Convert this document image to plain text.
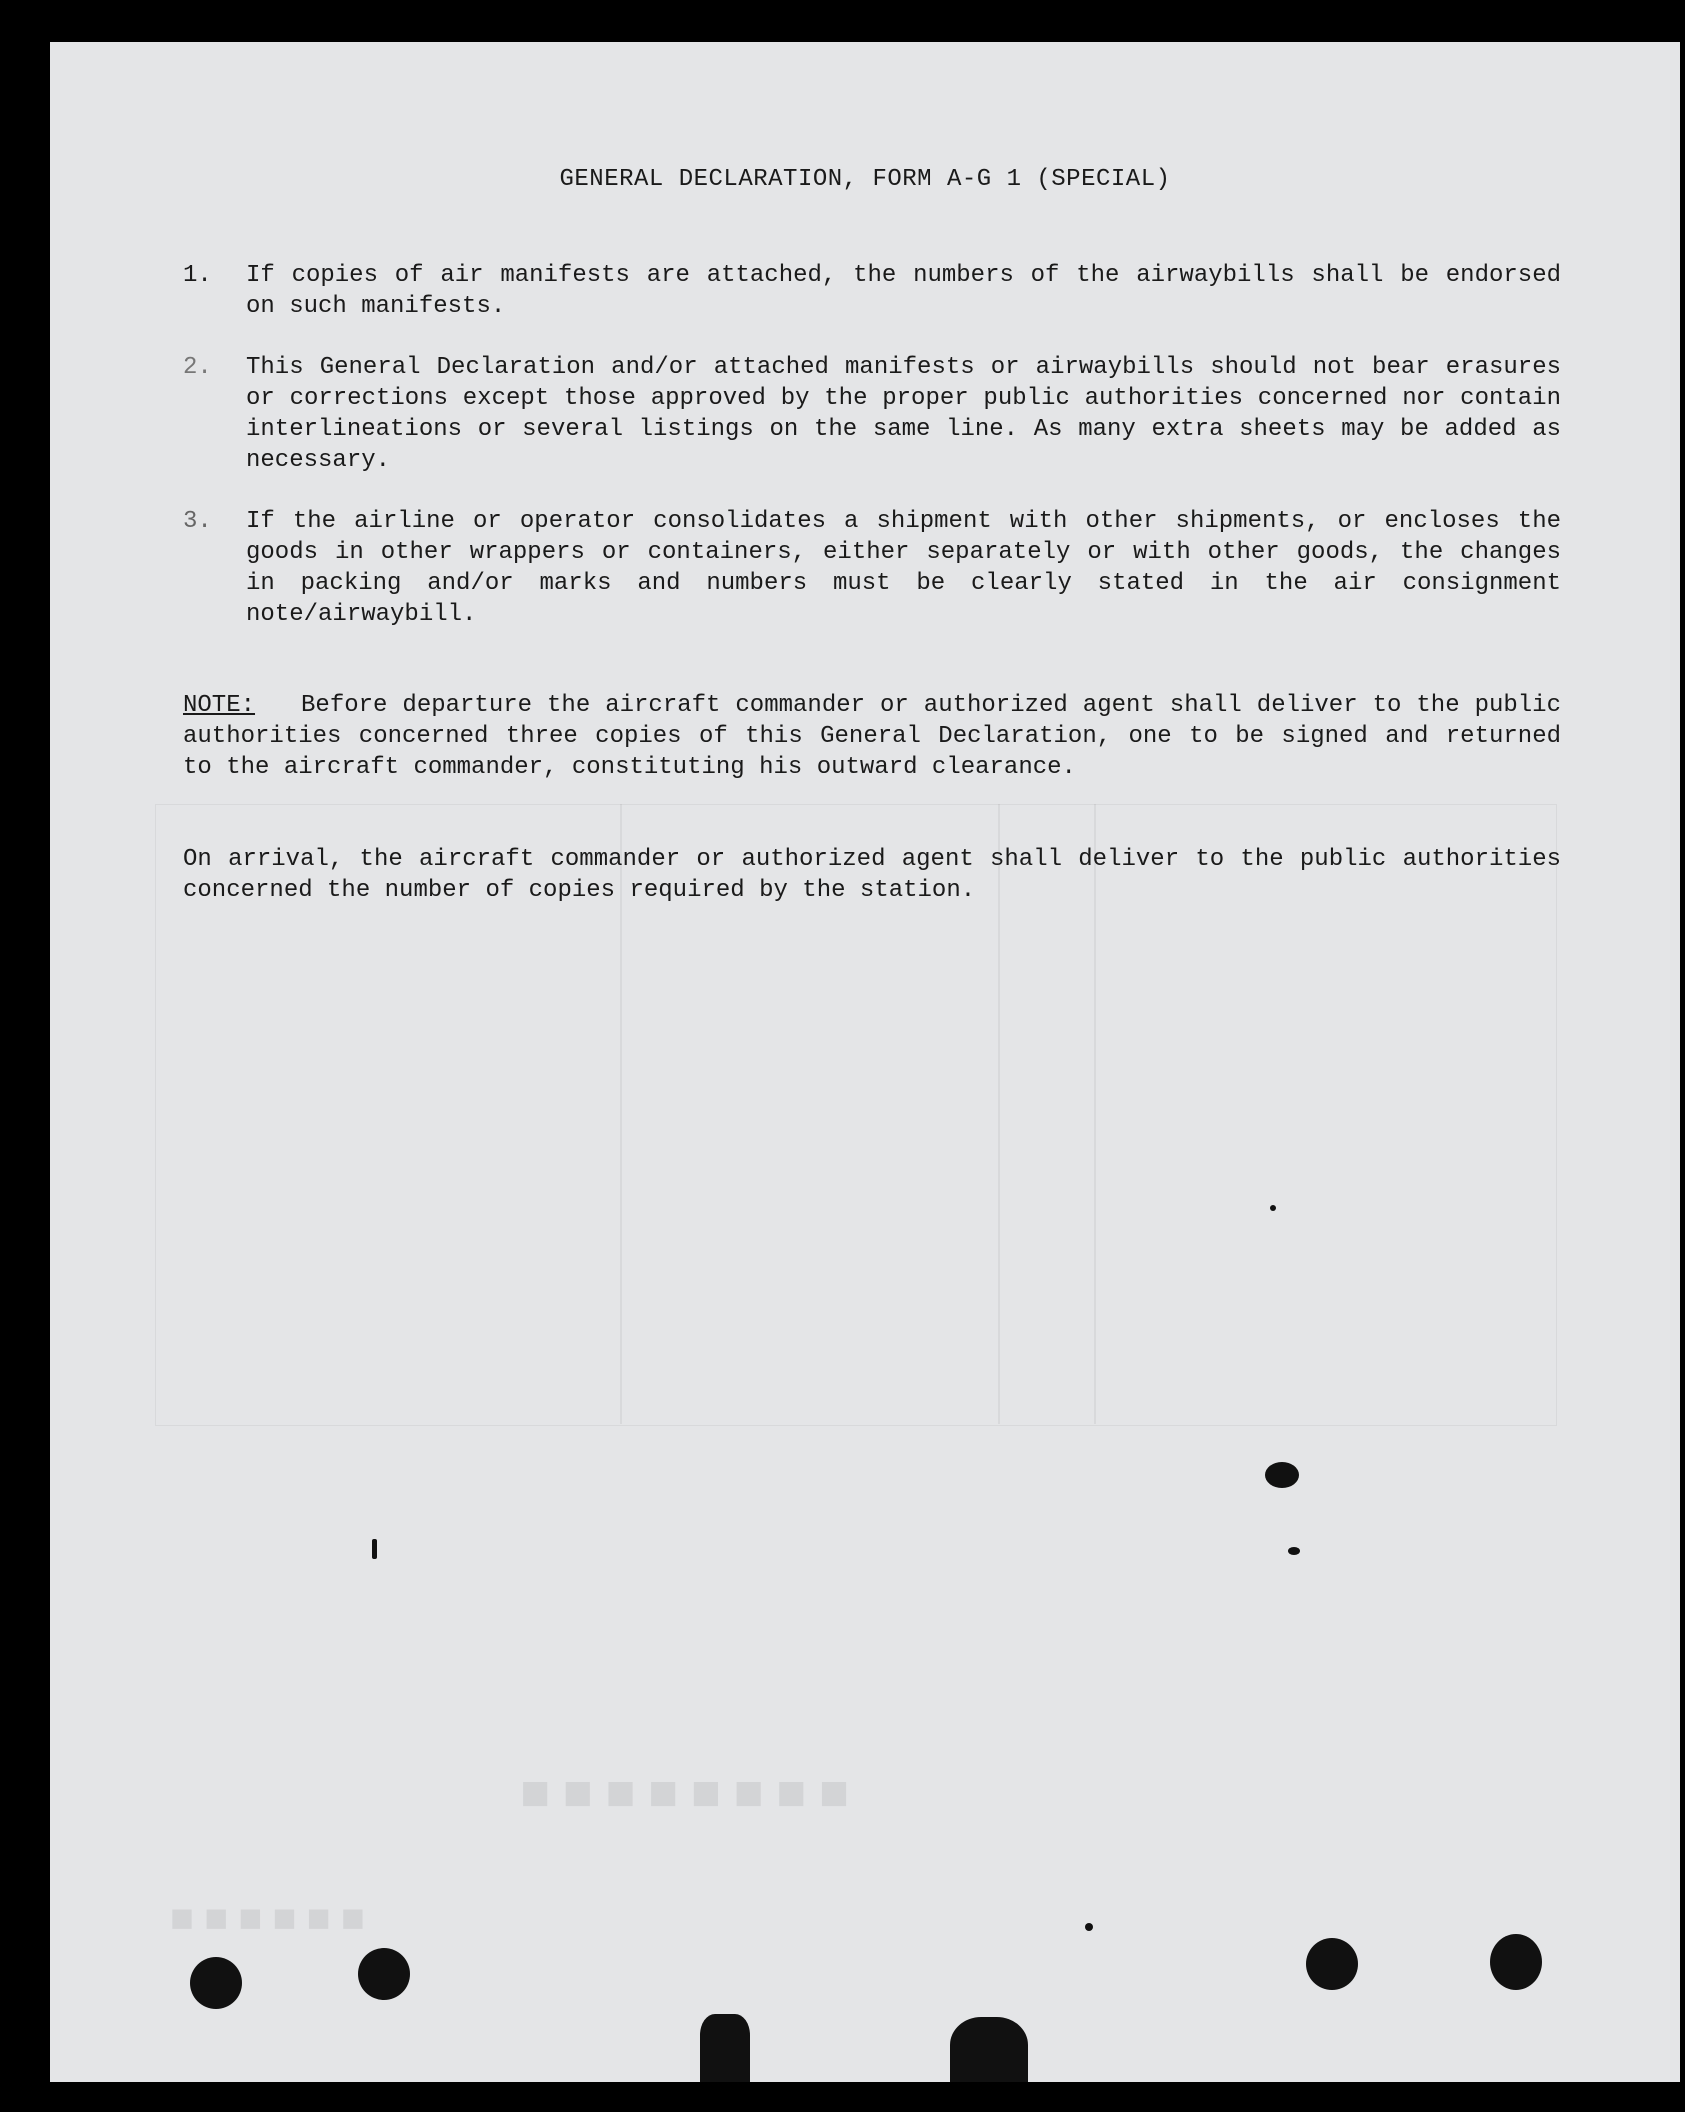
■ ■ ■ ■ ■ ■ ■ ■
■ ■ ■ ■ ■ ■
GENERAL DECLARATION, FORM A-G 1 (SPECIAL)
1. If copies of air manifests are attached, the numbers of the airwaybills shall be endorsed on such manifests.
2. This General Declaration and/or attached manifests or airwaybills should not bear erasures or corrections except those approved by the proper public authorities concerned nor contain interlineations or several listings on the same line. As many extra sheets may be added as necessary.
3. If the airline or operator consolidates a shipment with other shipments, or encloses the goods in other wrappers or containers, either separately or with other goods, the changes in packing and/or marks and numbers must be clearly stated in the air consignment note/airwaybill.
NOTE: Before departure the aircraft commander or authorized agent shall deliver to the public authorities concerned three copies of this General Declaration, one to be signed and returned to the aircraft commander, constituting his outward clearance.
On arrival, the aircraft commander or authorized agent shall deliver to the public authorities concerned the number of copies required by the station.
